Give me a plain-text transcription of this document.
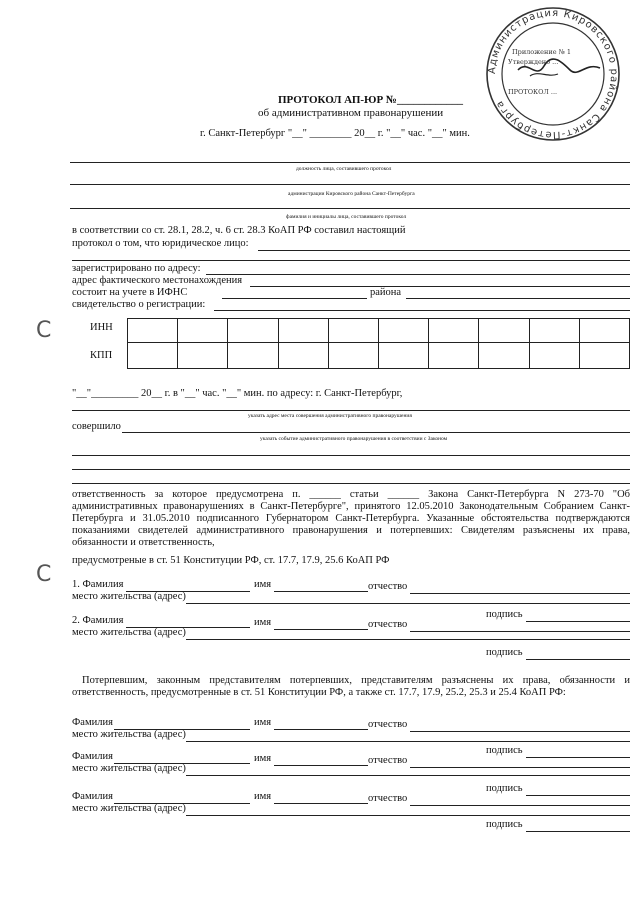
Администрация Кировского района Санкт-Петербурга
Приложение № 1
Утверждено ...
ПРОТОКОЛ ...
ПРОТОКОЛ АП-ЮР №____________
об административном правонарушении
г. Санкт-Петербург "__" ________ 20__ г. "__" час. "__" мин.
должность лица, составившего протокол
администрации Кировского района Санкт-Петербурга
фамилия и инициалы лица, составившего протокол
в соответствии со ст. 28.1, 28.2, ч. 6 ст. 28.3 КоАП РФ составил настоящий
протокол о том, что юридическое лицо:
зарегистрировано по адресу:
адрес фактического местонахождения
состоит на учете в ИФНС	района
свидетельство о регистрации:
ИНН
КПП

"__"_________ 20__ г. в "__" час. "__" мин. по адресу: г. Санкт-Петербург,
указать адрес места совершения административного правонарушения
совершило
указать событие административного правонарушения в соответствии с Законом
ответственность за которое предусмотрена п. ______ статьи ______ Закона Санкт-Петербурга N 273-70 "Об
административных правонарушениях в Санкт-Петербурге", принятого 12.05.2010 Законодательным Собранием Санкт-
Петербурга и 31.05.2010 подписанного Губернатором Санкт-Петербурга. Указанные обстоятельства подтверждаются
показаниями свидетелей административного правонарушения и потерпевших: Свидетелям разъяснены их права,
обязанности и ответственность,
предусмотреные в ст. 51 Конституции РФ, ст. 17.7, 17.9, 25.6 КоАП РФ
1. Фамилия	имя	отчество
место жительства (адрес)
подпись
2. Фамилия	имя	отчество
место жительства (адрес)
подпись
Потерпевшим, законным представителям потерпевших, представителям разъяснены их права, обязанности и
ответственность, предусмотренные в ст. 51 Конституции РФ, а также ст. 17.7, 17.9, 25.2, 25.3 и 25.4 КоАП РФ:
Фамилия	имя	отчество
место жительства (адрес)
подпись
Фамилия	имя	отчество
место жительства (адрес)
подпись
Фамилия	имя	отчество
место жительства (адрес)
подпись
C
C
